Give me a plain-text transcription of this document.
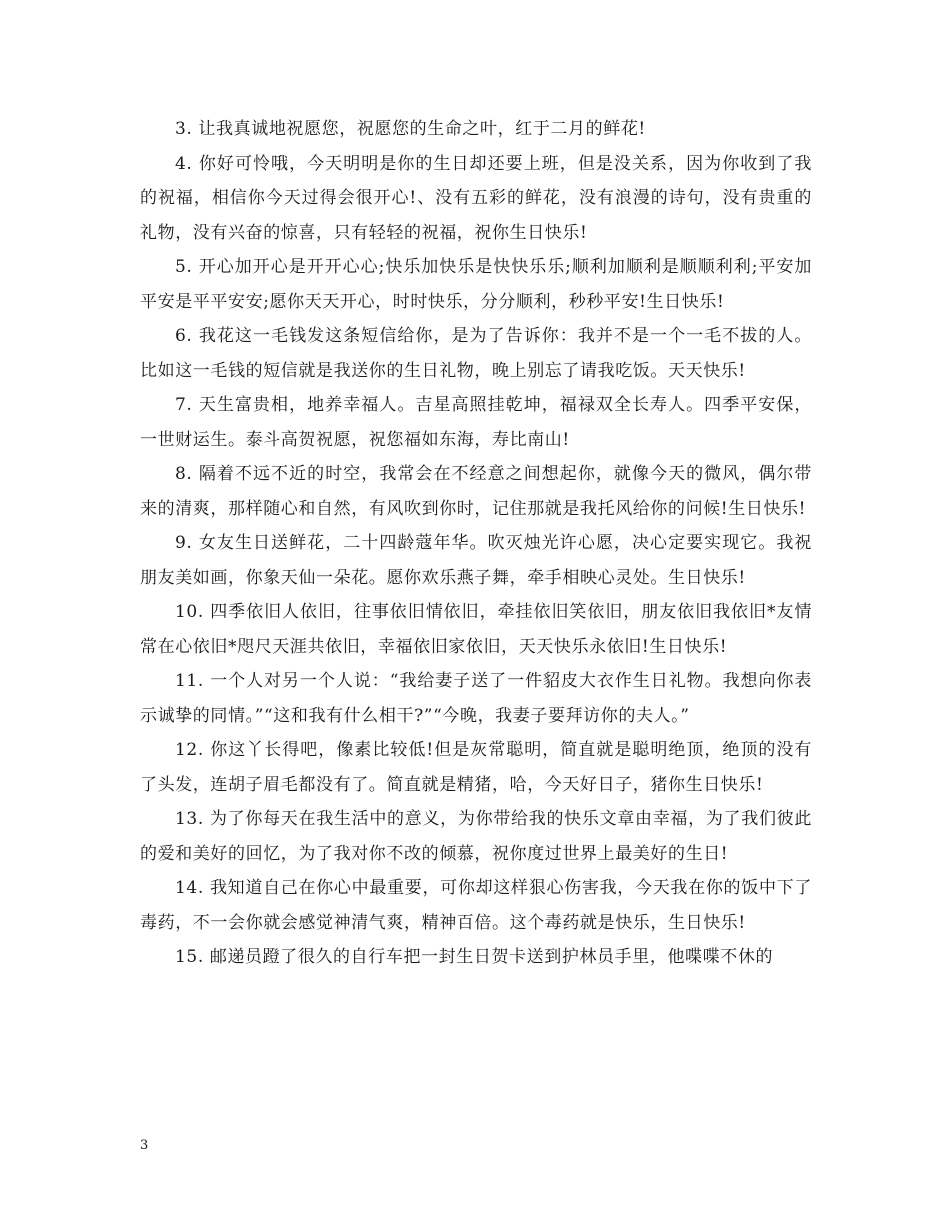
3. 让我真诚地祝愿您，祝愿您的生命之叶，红于二月的鲜花!

4. 你好可怜哦，今天明明是你的生日却还要上班，但是没关系，因为你收到了我的祝福，相信你今天过得会很开心!、没有五彩的鲜花，没有浪漫的诗句，没有贵重的礼物，没有兴奋的惊喜，只有轻轻的祝福，祝你生日快乐!

5. 开心加开心是开开心心;快乐加快乐是快快乐乐;顺利加顺利是顺顺利利;平安加平安是平平安安;愿你天天开心，时时快乐，分分顺利，秒秒平安!生日快乐!

6. 我花这一毛钱发这条短信给你，是为了告诉你：我并不是一个一毛不拔的人。比如这一毛钱的短信就是我送你的生日礼物，晚上别忘了请我吃饭。天天快乐!

7. 天生富贵相，地养幸福人。吉星高照挂乾坤，福禄双全长寿人。四季平安保，一世财运生。泰斗高贺祝愿，祝您福如东海，寿比南山!

8. 隔着不远不近的时空，我常会在不经意之间想起你，就像今天的微风，偶尔带来的清爽，那样随心和自然，有风吹到你时，记住那就是我托风给你的问候!生日快乐!

9. 女友生日送鲜花，二十四龄蔻年华。吹灭烛光许心愿，决心定要实现它。我祝朋友美如画，你象天仙一朵花。愿你欢乐燕子舞，牵手相映心灵处。生日快乐!

10. 四季依旧人依旧，往事依旧情依旧，牵挂依旧笑依旧，朋友依旧我依旧*友情常在心依旧*咫尺天涯共依旧，幸福依旧家依旧，天天快乐永依旧!生日快乐!

11. 一个人对另一个人说：“我给妻子送了一件貂皮大衣作生日礼物。我想向你表示诚挚的同情。”“这和我有什么相干?”“今晚，我妻子要拜访你的夫人。”

12. 你这丫长得吧，像素比较低!但是灰常聪明，简直就是聪明绝顶，绝顶的没有了头发，连胡子眉毛都没有了。简直就是精猪，哈，今天好日子，猪你生日快乐!

13. 为了你每天在我生活中的意义，为你带给我的快乐文章由幸福，为了我们彼此的爱和美好的回忆，为了我对你不改的倾慕，祝你度过世界上最美好的生日!

14. 我知道自己在你心中最重要，可你却这样狠心伤害我，今天我在你的饭中下了毒药，不一会你就会感觉神清气爽，精神百倍。这个毒药就是快乐，生日快乐!

15. 邮递员蹬了很久的自行车把一封生日贺卡送到护林员手里，他喋喋不休的

3
